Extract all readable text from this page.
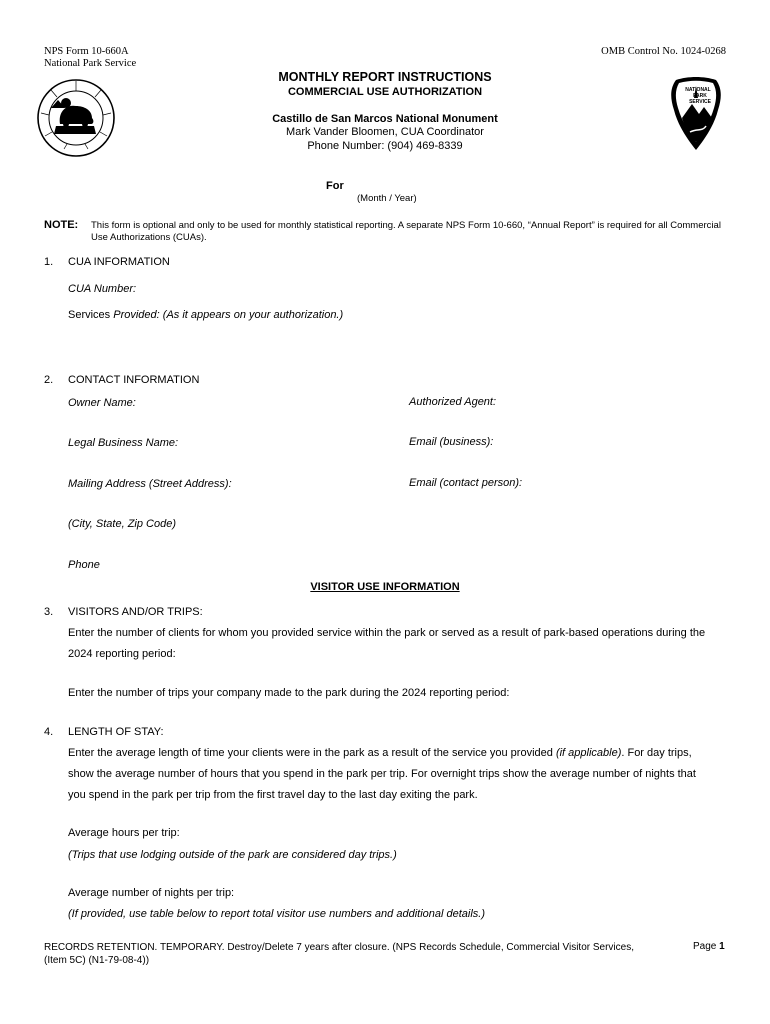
NPS Form 10-660A
National Park Service
OMB Control No. 1024-0268
NATIONAL
PARK
SERVICE
MONTHLY REPORT INSTRUCTIONS
COMMERCIAL USE AUTHORIZATION
Castillo de San Marcos National Monument
Mark Vander Bloomen, CUA Coordinator
Phone Number: (904) 469-8339
For
(Month / Year)
NOTE: This form is optional and only to be used for monthly statistical reporting. A separate NPS Form 10-660, “Annual Report” is required for all Commercial Use Authorizations (CUAs).
1. CUA INFORMATION
CUA Number:
Services Provided: (As it appears on your authorization.)
2. CONTACT INFORMATION
Owner Name:	Authorized Agent:
Legal Business Name:	Email (business):
Mailing Address (Street Address):	Email (contact person):
(City, State, Zip Code)
Phone
VISITOR USE INFORMATION
3. VISITORS AND/OR TRIPS:
Enter the number of clients for whom you provided service within the park or served as a result of park-based operations during the
2024 reporting period:
Enter the number of trips your company made to the park during the 2024 reporting period:
4. LENGTH OF STAY:
Enter the average length of time your clients were in the park as a result of the service you provided (if applicable). For day trips,
show the average number of hours that you spend in the park per trip. For overnight trips show the average number of nights that
you spend in the park per trip from the first travel day to the last day exiting the park.
Average hours per trip:
(Trips that use lodging outside of the park are considered day trips.)
Average number of nights per trip:
(If provided, use table below to report total visitor use numbers and additional details.)
RECORDS RETENTION. TEMPORARY. Destroy/Delete 7 years after closure. (NPS Records Schedule, Commercial Visitor Services, (Item 5C) (N1-79-08-4))
Page 1
